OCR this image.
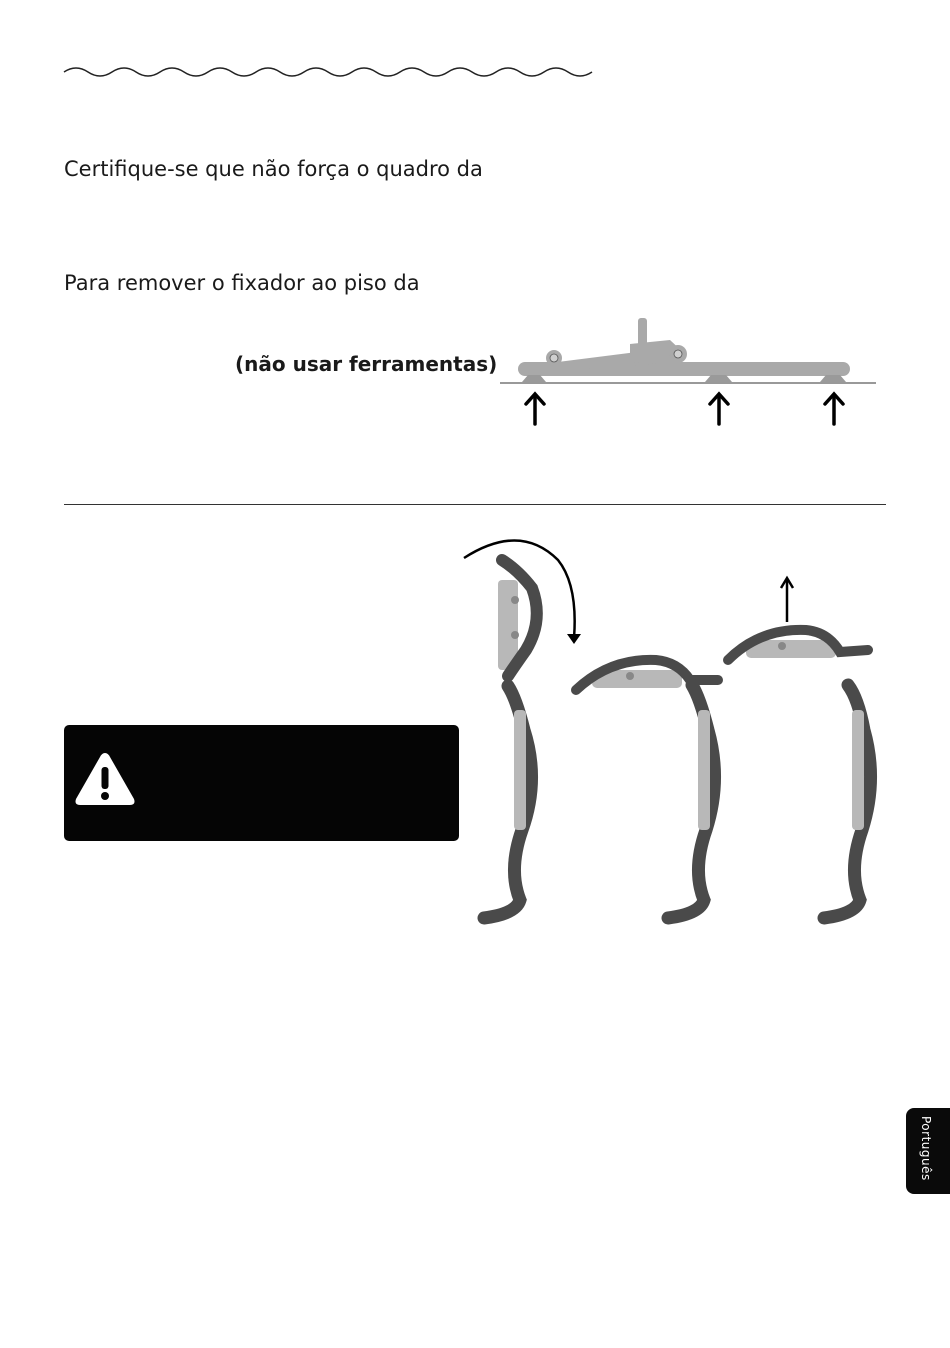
Certifique-se que não força o quadro da
Para remover o fixador ao piso da
(não usar ferramentas)
Português
